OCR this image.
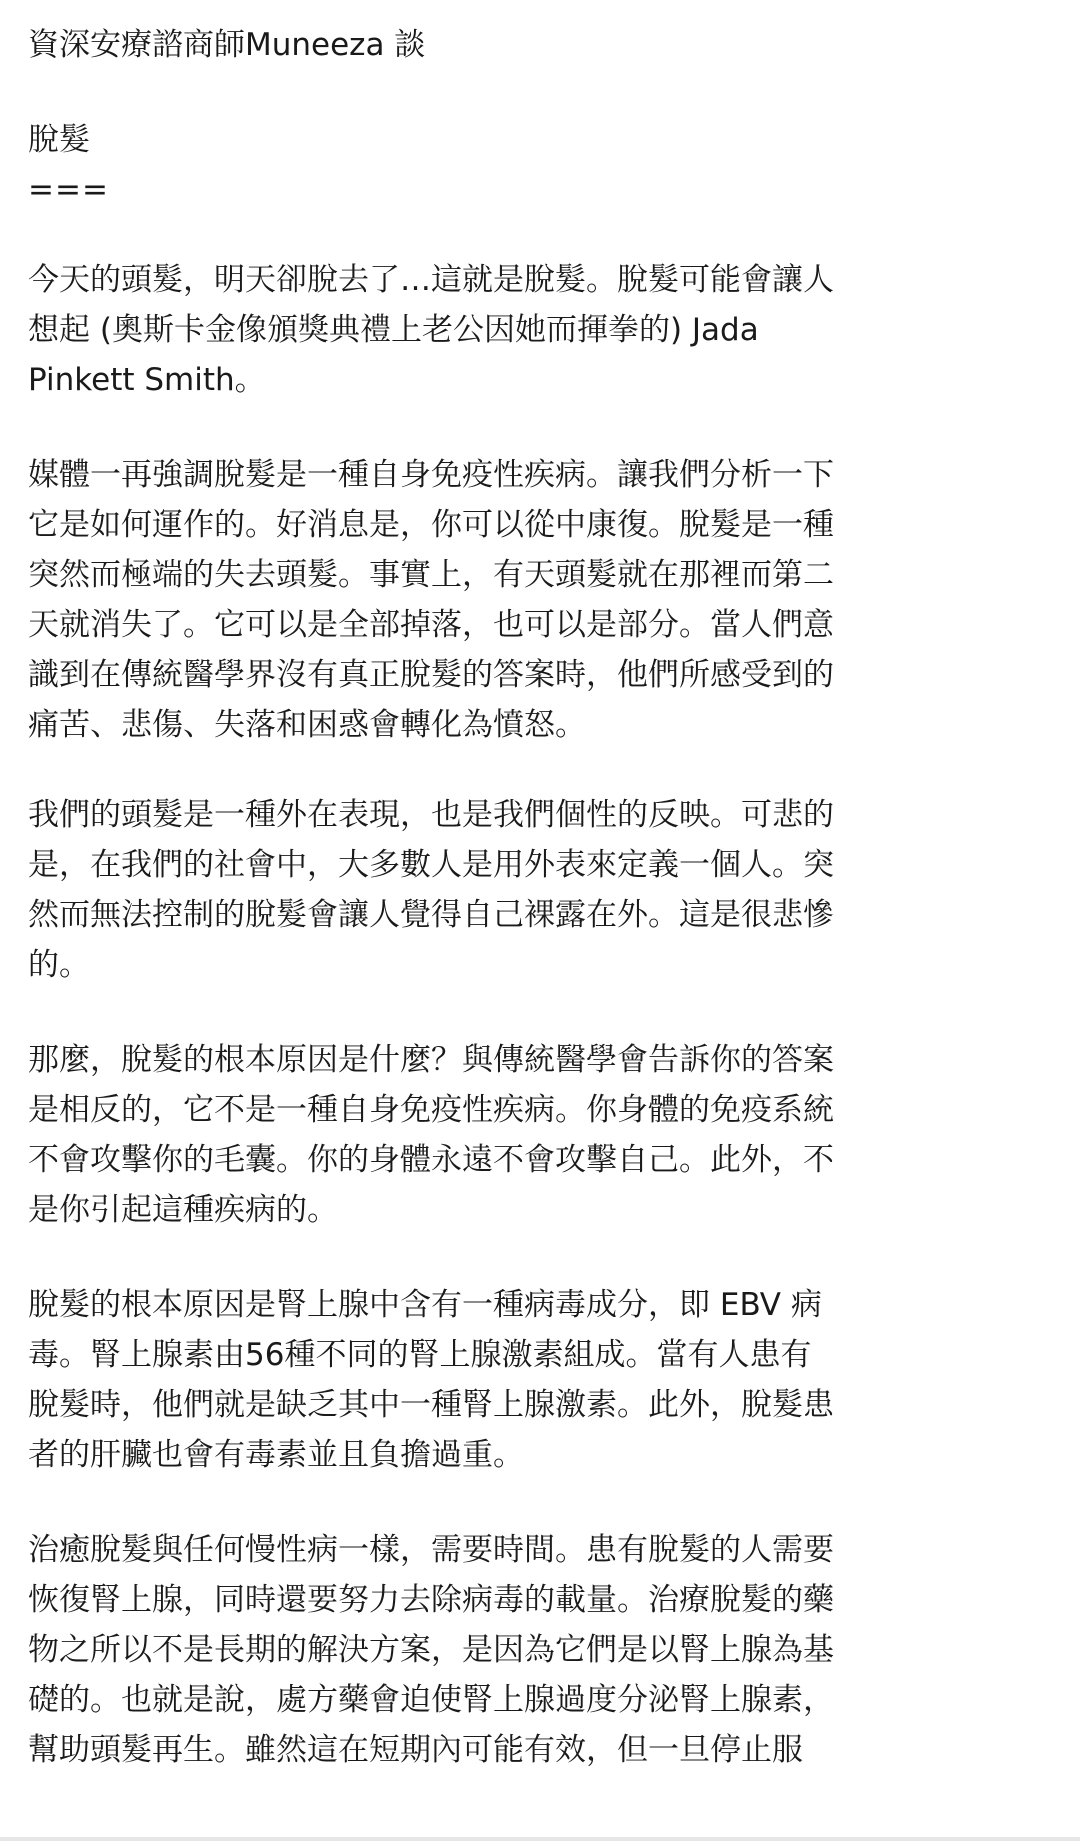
資深安療諮商師Muneeza 談
脫髮
===
今天的頭髮，明天卻脫去了…這就是脫髮。脫髮可能會讓人
想起 (奧斯卡金像頒獎典禮上老公因她而揮拳的) Jada
Pinkett Smith。
媒體一再強調脫髮是一種自身免疫性疾病。讓我們分析一下
它是如何運作的。好消息是，你可以從中康復。脫髮是一種
突然而極端的失去頭髮。事實上，有天頭髮就在那裡而第二
天就消失了。它可以是全部掉落，也可以是部分。當人們意
識到在傳統醫學界沒有真正脫髮的答案時，他們所感受到的
痛苦、悲傷、失落和困惑會轉化為憤怒。
我們的頭髮是一種外在表現，也是我們個性的反映。可悲的
是，在我們的社會中，大多數人是用外表來定義一個人。突
然而無法控制的脫髮會讓人覺得自己裸露在外。這是很悲慘
的。
那麼，脫髮的根本原因是什麼？與傳統醫學會告訴你的答案
是相反的，它不是一種自身免疫性疾病。你身體的免疫系統
不會攻擊你的毛囊。你的身體永遠不會攻擊自己。此外，不
是你引起這種疾病的。
脫髮的根本原因是腎上腺中含有一種病毒成分，即 EBV 病
毒。腎上腺素由56種不同的腎上腺激素組成。當有人患有
脫髮時，他們就是缺乏其中一種腎上腺激素。此外，脫髮患
者的肝臟也會有毒素並且負擔過重。
治癒脫髮與任何慢性病一樣，需要時間。患有脫髮的人需要
恢復腎上腺，同時還要努力去除病毒的載量。治療脫髮的藥
物之所以不是長期的解決方案，是因為它們是以腎上腺為基
礎的。也就是說，處方藥會迫使腎上腺過度分泌腎上腺素，
幫助頭髮再生。雖然這在短期內可能有效，但一旦停止服
